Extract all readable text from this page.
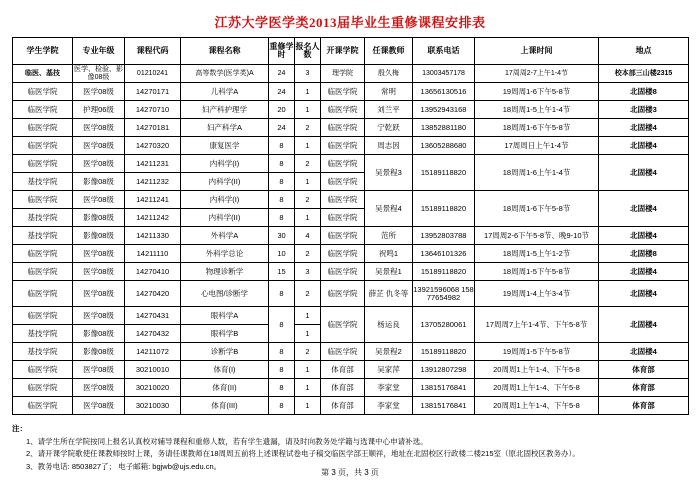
江苏大学医学类2013届毕业生重修课程安排表
学生学院	专业年级	课程代码	课程名称	重修学时	报名人数	开课学院	任课教师	联系电话	上课时间	地点
临医、基技	医学、检验、影像08级	01210241	高等数学(医学类)A	24	3	理学院	殷久梅	13003457178	17周周2-7上午1-4节	校本部三山楼2315
临医学院	医学08级	14270171	儿科学A	24	1	临医学院	常明	13656130516	19周周1-6下午5-8节	北固楼8
临医学院	护理06级	14270710	妇产科护理学	20	1	临医学院	刘兰平	13952943168	18周周1-5上午1-4节	北固楼3
临医学院	医学08级	14270181	妇产科学A	24	2	临医学院	宁乾跃	13852881180	18周周1-6下午5-8节	北固楼4
临医学院	医学08级	14270320	康复医学	8	1	临医学院	周志因	13605288680	17周周日上午1-4节	北固楼4
临医学院	医学08级	14211231	内科学(I)	8	2	临医学院	吴景程3	15189118820	18周周1-6上午1-4节	北固楼4
基技学院	影像08级	14211232	内科学(II)	8	1	临医学院				
临医学院	医学08级	14211241	内科学(I)	8	2	临医学院	吴景程4	15189118820	18周周1-6下午5-8节	北固楼4
基技学院	影像08级	14211242	内科学(II)	8	1	临医学院				
基技学院	影像08级	14211330	外科学A	30	4	临医学院	范所	13952803788	17周周2-6下午5-8节、晚9-10节	北固楼4
临医学院	医学08级	14211110	外科学总论	10	2	临医学院	祝鸣1	13646101326	18周周1-5上午1-2节	北固楼8
临医学院	医学08级	14270410	物理诊断学	15	3	临医学院	吴景程1	15189118820	18周周1-5下午5-8节	北固楼4
临医学院	医学08级	14270420	心电图/诊断学	8	2	临医学院	薛芷 仇冬等	13921596068 15877654982	19周周1-4上午3-4节	北固楼4
临医学院	医学08级	14270431	眼科学A	8	1	临医学院	杨运良	13705280061	17周周7上午1-4节、下午5-8节	北固楼4
基技学院	影像08级	14270432	眼科学B		1					
基技学院	影像08级	14211072	诊断学B	8	2	临医学院	吴景程2	15189118820	19周周1-5下午5-8节	北固楼4
临医学院	医学08级	30210010	体育(I)	8	1	体育部	吴家萍	13912807298	20周周1上午1-4、下午5-8	体育部
临医学院	医学08级	30210020	体育(II)	8	1	体育部	李家堂	13815176841	20周周1上午1-4、下午5-8	体育部
临医学院	医学08级	30210030	体育(III)	8	1	体育部	李家堂	13815176841	20周周1上午1-4、下午5-8	体育部
注：
1、请学生所在学院按同上报名认真校对辅导课程和重修人数，若有学生遗漏，请及时向教务处学籍与选课中心申请补选。
2、请开课学院歌使任课教师按时上课，务请任课教师在18周周五前将上述课程试卷电子稿交临医学部王顺祥，地址在北固校区行政楼二楼215室（原北固校区教务办）。
3、教务电话: 8503827了； 电子邮箱: bgjwb@ujs.edu.cn。
第 3 页，共 3 页
